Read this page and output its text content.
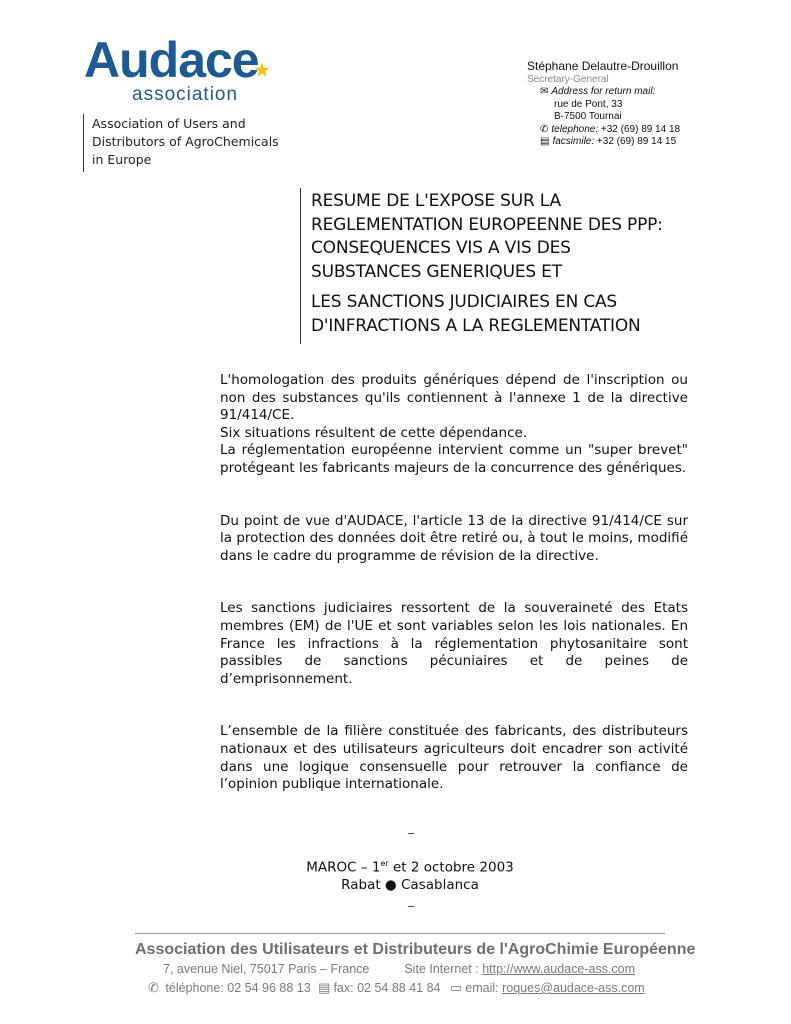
Audace
association
Association of Users and
Distributors of AgroChemicals
in Europe
Stéphane Delautre-Drouillon
Secretary-General
✉ Address for return mail:
rue de Pont, 33
B-7500 Tournai
✆ telephone: +32 (69) 89 14 18
▤ facsimile: +32 (69) 89 14 15
RESUME DE L'EXPOSE SUR LA
REGLEMENTATION EUROPEENNE DES PPP:
CONSEQUENCES VIS A VIS DES
SUBSTANCES GENERIQUES ET
LES SANCTIONS JUDICIAIRES EN CAS
D'INFRACTIONS A LA REGLEMENTATION

L'homologation des produits génériques dépend de l'inscription ou non des substances qu'ils contiennent à l'annexe 1 de la directive 91/414/CE.

Six situations résultent de cette dépendance.

La réglementation européenne intervient comme un "super brevet" protégeant les fabricants majeurs de la concurrence des génériques.

Du point de vue d'AUDACE, l'article 13 de la directive 91/414/CE sur la protection des données doit être retiré ou, à tout le moins, modifié dans le cadre du programme de révision de la directive.

Les sanctions judiciaires ressortent de la souveraineté des Etats membres (EM) de l'UE et sont variables selon les lois nationales. En France les infractions à la réglementation phytosanitaire sont passibles de sanctions pécuniaires et de peines de d’emprisonnement.

L’ensemble de la filière constituée des fabricants, des distributeurs nationaux et des utilisateurs agriculteurs doit encadrer son activité dans une logique consensuelle pour retrouver la confiance de l’opinion publique internationale.

_
MAROC – 1er et 2 octobre 2003
Rabat ● Casablanca
_
Association des Utilisateurs et Distributeurs de l'AgroChimie Européenne
7, avenue Niel, 75017 Paris – France	Site Internet : http://www.audace-ass.com
✆ téléphone: 02 54 96 88 13 ▤ fax: 02 54 88 41 84 ▭ email: roques@audace-ass.com
